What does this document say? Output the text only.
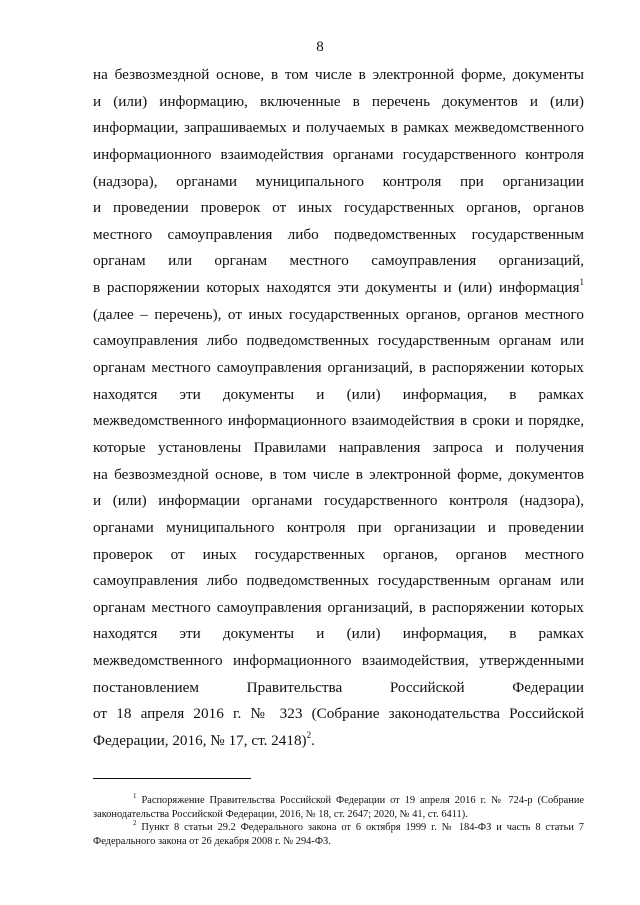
8
на безвозмездной основе, в том числе в электронной форме, документы
и (или) информацию, включенные в перечень документов и (или)
информации, запрашиваемых и получаемых в рамках межведомственного
информационного взаимодействия органами государственного контроля
(надзора), органами муниципального контроля при организации
и проведении проверок от иных государственных органов, органов
местного самоуправления либо подведомственных государственным
органам или органам местного самоуправления организаций,
в распоряжении которых находятся эти документы и (или) информация$^1$
(далее – перечень), от иных государственных органов, органов местного
самоуправления либо подведомственных государственным органам или
органам местного самоуправления организаций, в распоряжении которых
находятся эти документы и (или) информация, в рамках
межведомственного информационного взаимодействия в сроки и порядке,
которые установлены Правилами направления запроса и получения
на безвозмездной основе, в том числе в электронной форме, документов
и (или) информации органами государственного контроля (надзора),
органами муниципального контроля при организации и проведении
проверок от иных государственных органов, органов местного
самоуправления либо подведомственных государственным органам или
органам местного самоуправления организаций, в распоряжении которых
находятся эти документы и (или) информация, в рамках
межведомственного информационного взаимодействия, утвержденными
постановлением Правительства Российской Федерации
от 18 апреля 2016 г. № 323 (Собрание законодательства Российской
Федерации, 2016, № 17, ст. 2418)$^2$.
$^1$ Распоряжение Правительства Российской Федерации от 19 апреля 2016 г. № 724-р (Собрание
законодательства Российской Федерации, 2016, № 18, ст. 2647; 2020, № 41, ст. 6411).
$^2$ Пункт 8 статьи 29.2 Федерального закона от 6 октября 1999 г. № 184-ФЗ и часть 8 статьи 7
Федерального закона от 26 декабря 2008 г. № 294-ФЗ.
